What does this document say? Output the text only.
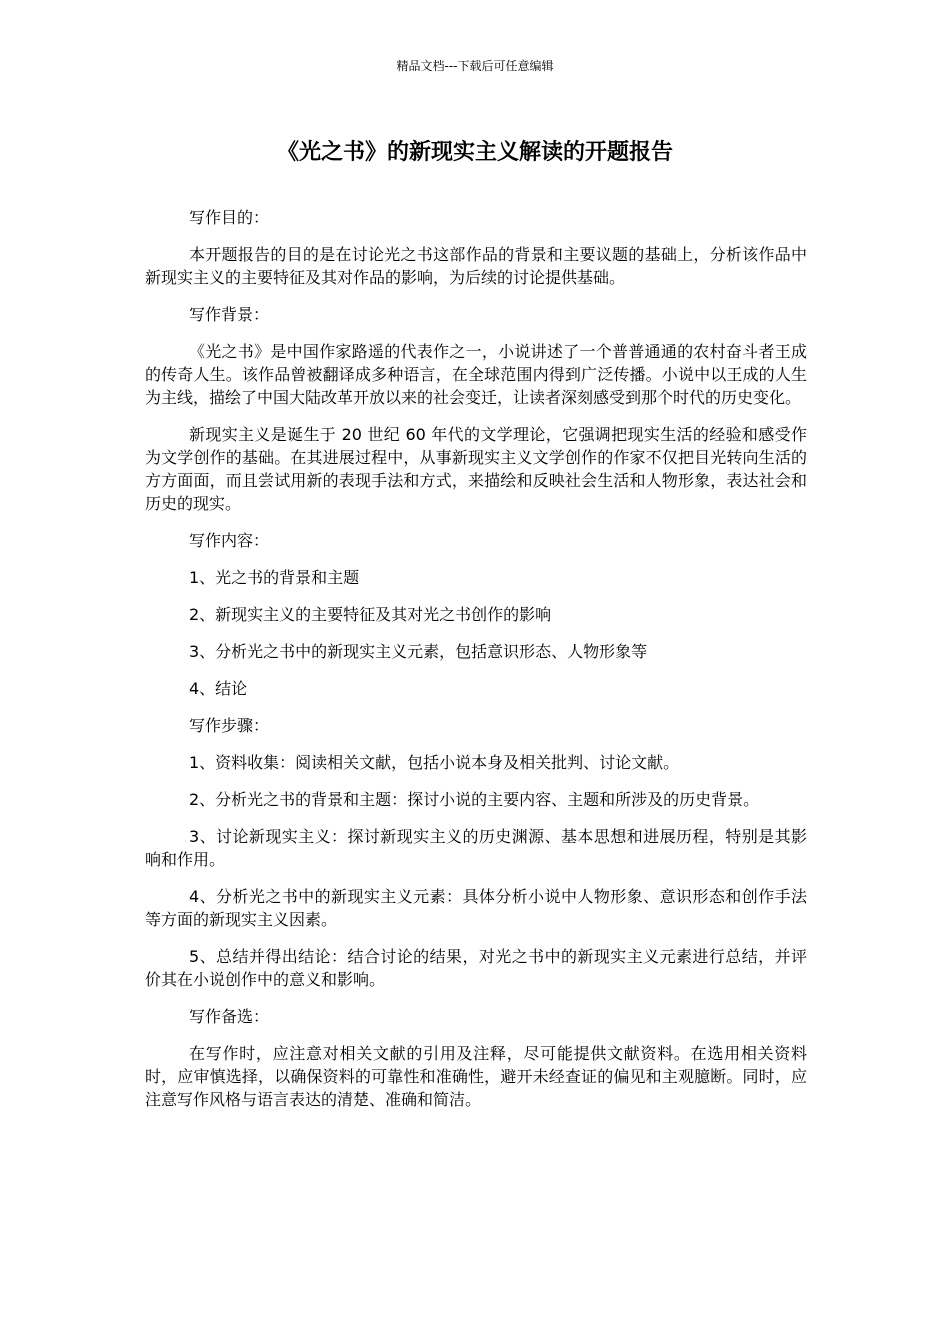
精品文档---下载后可任意编辑
《光之书》的新现实主义解读的开题报告

写作目的：

本开题报告的目的是在讨论光之书这部作品的背景和主要议题的基础上，分析该作品中新现实主义的主要特征及其对作品的影响，为后续的讨论提供基础。

写作背景：

《光之书》是中国作家路遥的代表作之一，小说讲述了一个普普通通的农村奋斗者王成的传奇人生。该作品曾被翻译成多种语言，在全球范围内得到广泛传播。小说中以王成的人生为主线，描绘了中国大陆改革开放以来的社会变迁，让读者深刻感受到那个时代的历史变化。

新现实主义是诞生于 20 世纪 60 年代的文学理论，它强调把现实生活的经验和感受作为文学创作的基础。在其进展过程中，从事新现实主义文学创作的作家不仅把目光转向生活的方方面面，而且尝试用新的表现手法和方式，来描绘和反映社会生活和人物形象，表达社会和历史的现实。

写作内容：

1、光之书的背景和主题

2、新现实主义的主要特征及其对光之书创作的影响

3、分析光之书中的新现实主义元素，包括意识形态、人物形象等

4、结论

写作步骤：

1、资料收集：阅读相关文献，包括小说本身及相关批判、讨论文献。

2、分析光之书的背景和主题：探讨小说的主要内容、主题和所涉及的历史背景。

3、讨论新现实主义：探讨新现实主义的历史渊源、基本思想和进展历程，特别是其影响和作用。

4、分析光之书中的新现实主义元素：具体分析小说中人物形象、意识形态和创作手法等方面的新现实主义因素。

5、总结并得出结论：结合讨论的结果，对光之书中的新现实主义元素进行总结，并评价其在小说创作中的意义和影响。

写作备选：

在写作时，应注意对相关文献的引用及注释，尽可能提供文献资料。在选用相关资料时，应审慎选择，以确保资料的可靠性和准确性，避开未经查证的偏见和主观臆断。同时，应注意写作风格与语言表达的清楚、准确和简洁。
